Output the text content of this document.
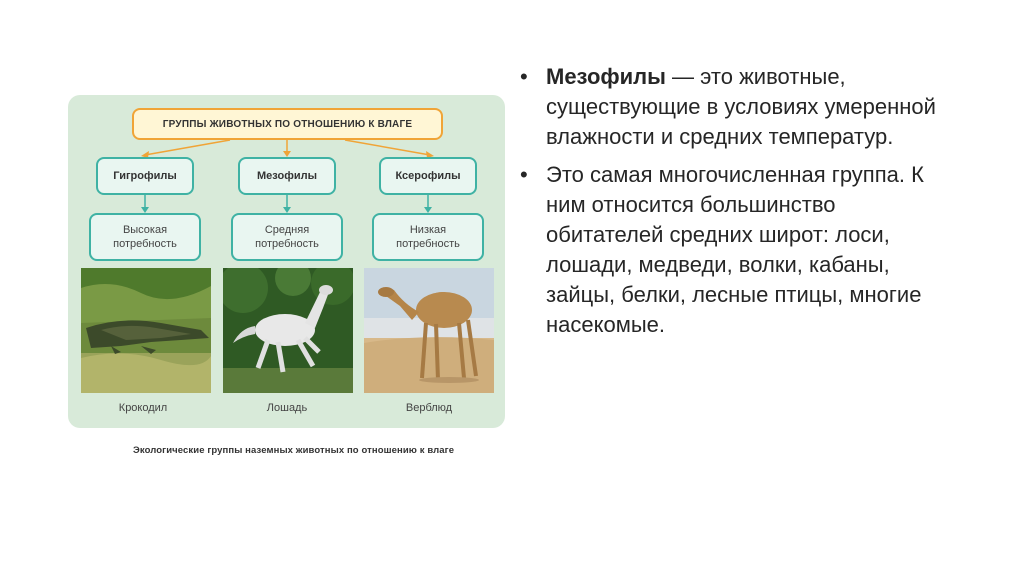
ГРУППЫ ЖИВОТНЫХ ПО ОТНОШЕНИЮ К ВЛАГЕ
Гигрофилы	Мезофилы	Ксерофилы
Высокая
потребность
Средняя
потребность
Низкая
потребность
Крокодил	Лошадь	Верблюд
Экологические группы наземных животных по отношению к влаге
• Мезофилы — это животные, существующие в условиях умеренной влажности и средних температур.
• Это самая многочисленная группа. К ним относится большинство обитателей средних широт: лоси, лошади, медведи, волки, кабаны, зайцы, белки, лесные птицы, многие насекомые.
